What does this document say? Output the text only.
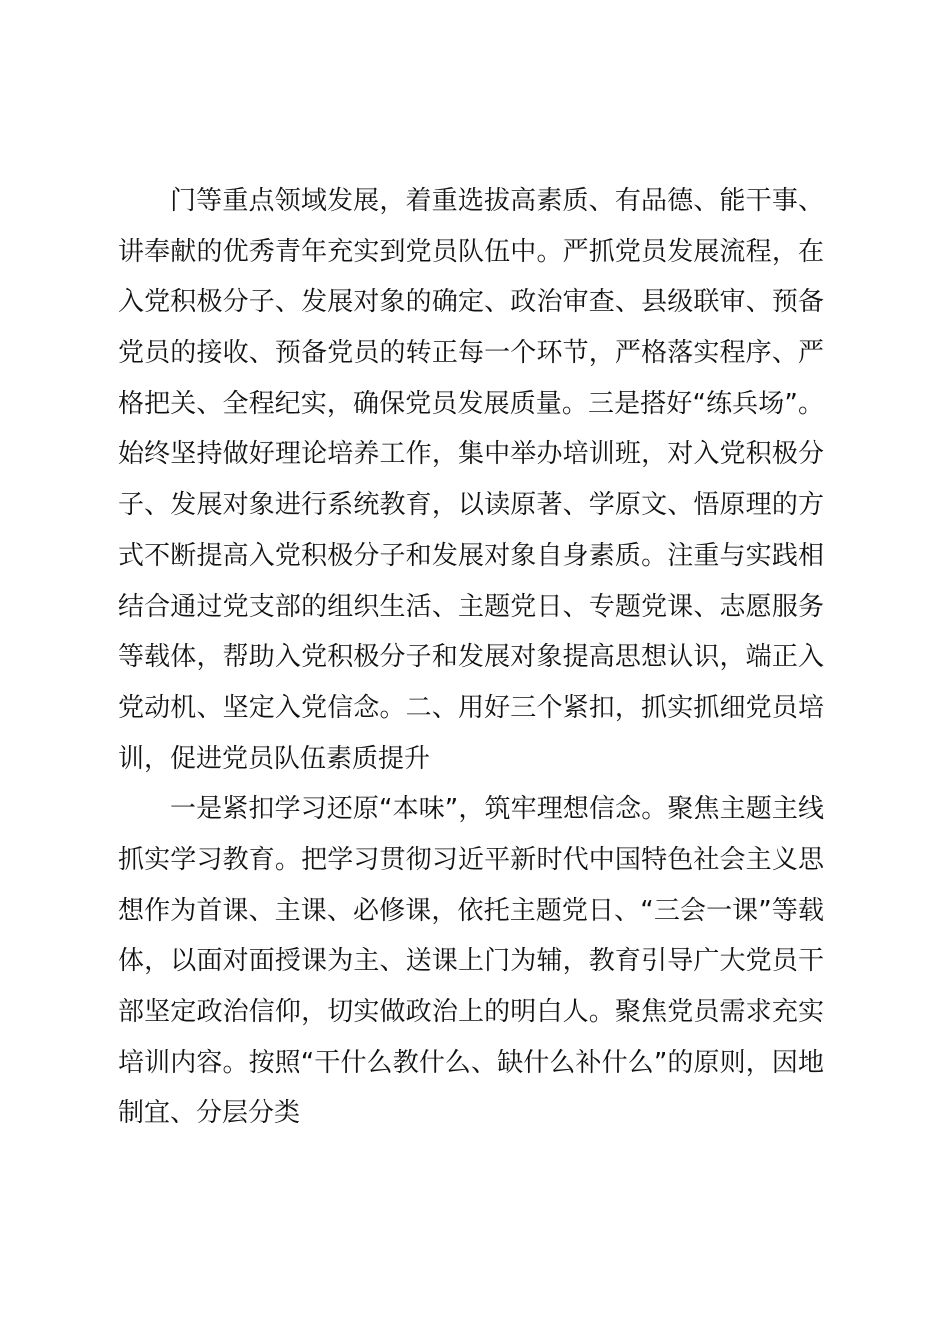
门等重点领域发展，着重选拔高素质、有品德、能干事、
讲奉献的优秀青年充实到党员队伍中。严抓党员发展流程，在
入党积极分子、发展对象的确定、政治审查、县级联审、预备
党员的接收、预备党员的转正每一个环节，严格落实程序、严
格把关、全程纪实，确保党员发展质量。三是搭好“练兵场”。
始终坚持做好理论培养工作，集中举办培训班，对入党积极分
子、发展对象进行系统教育，以读原著、学原文、悟原理的方
式不断提高入党积极分子和发展对象自身素质。注重与实践相
结合通过党支部的组织生活、主题党日、专题党课、志愿服务
等载体，帮助入党积极分子和发展对象提高思想认识，端正入
党动机、坚定入党信念。二、用好三个紧扣，抓实抓细党员培
训，促进党员队伍素质提升
一是紧扣学习还原“本味”，筑牢理想信念。聚焦主题主线
抓实学习教育。把学习贯彻习近平新时代中国特色社会主义思
想作为首课、主课、必修课，依托主题党日、“三会一课”等载
体，以面对面授课为主、送课上门为辅，教育引导广大党员干
部坚定政治信仰，切实做政治上的明白人。聚焦党员需求充实
培训内容。按照“干什么教什么、缺什么补什么”的原则，因地
制宜、分层分类
